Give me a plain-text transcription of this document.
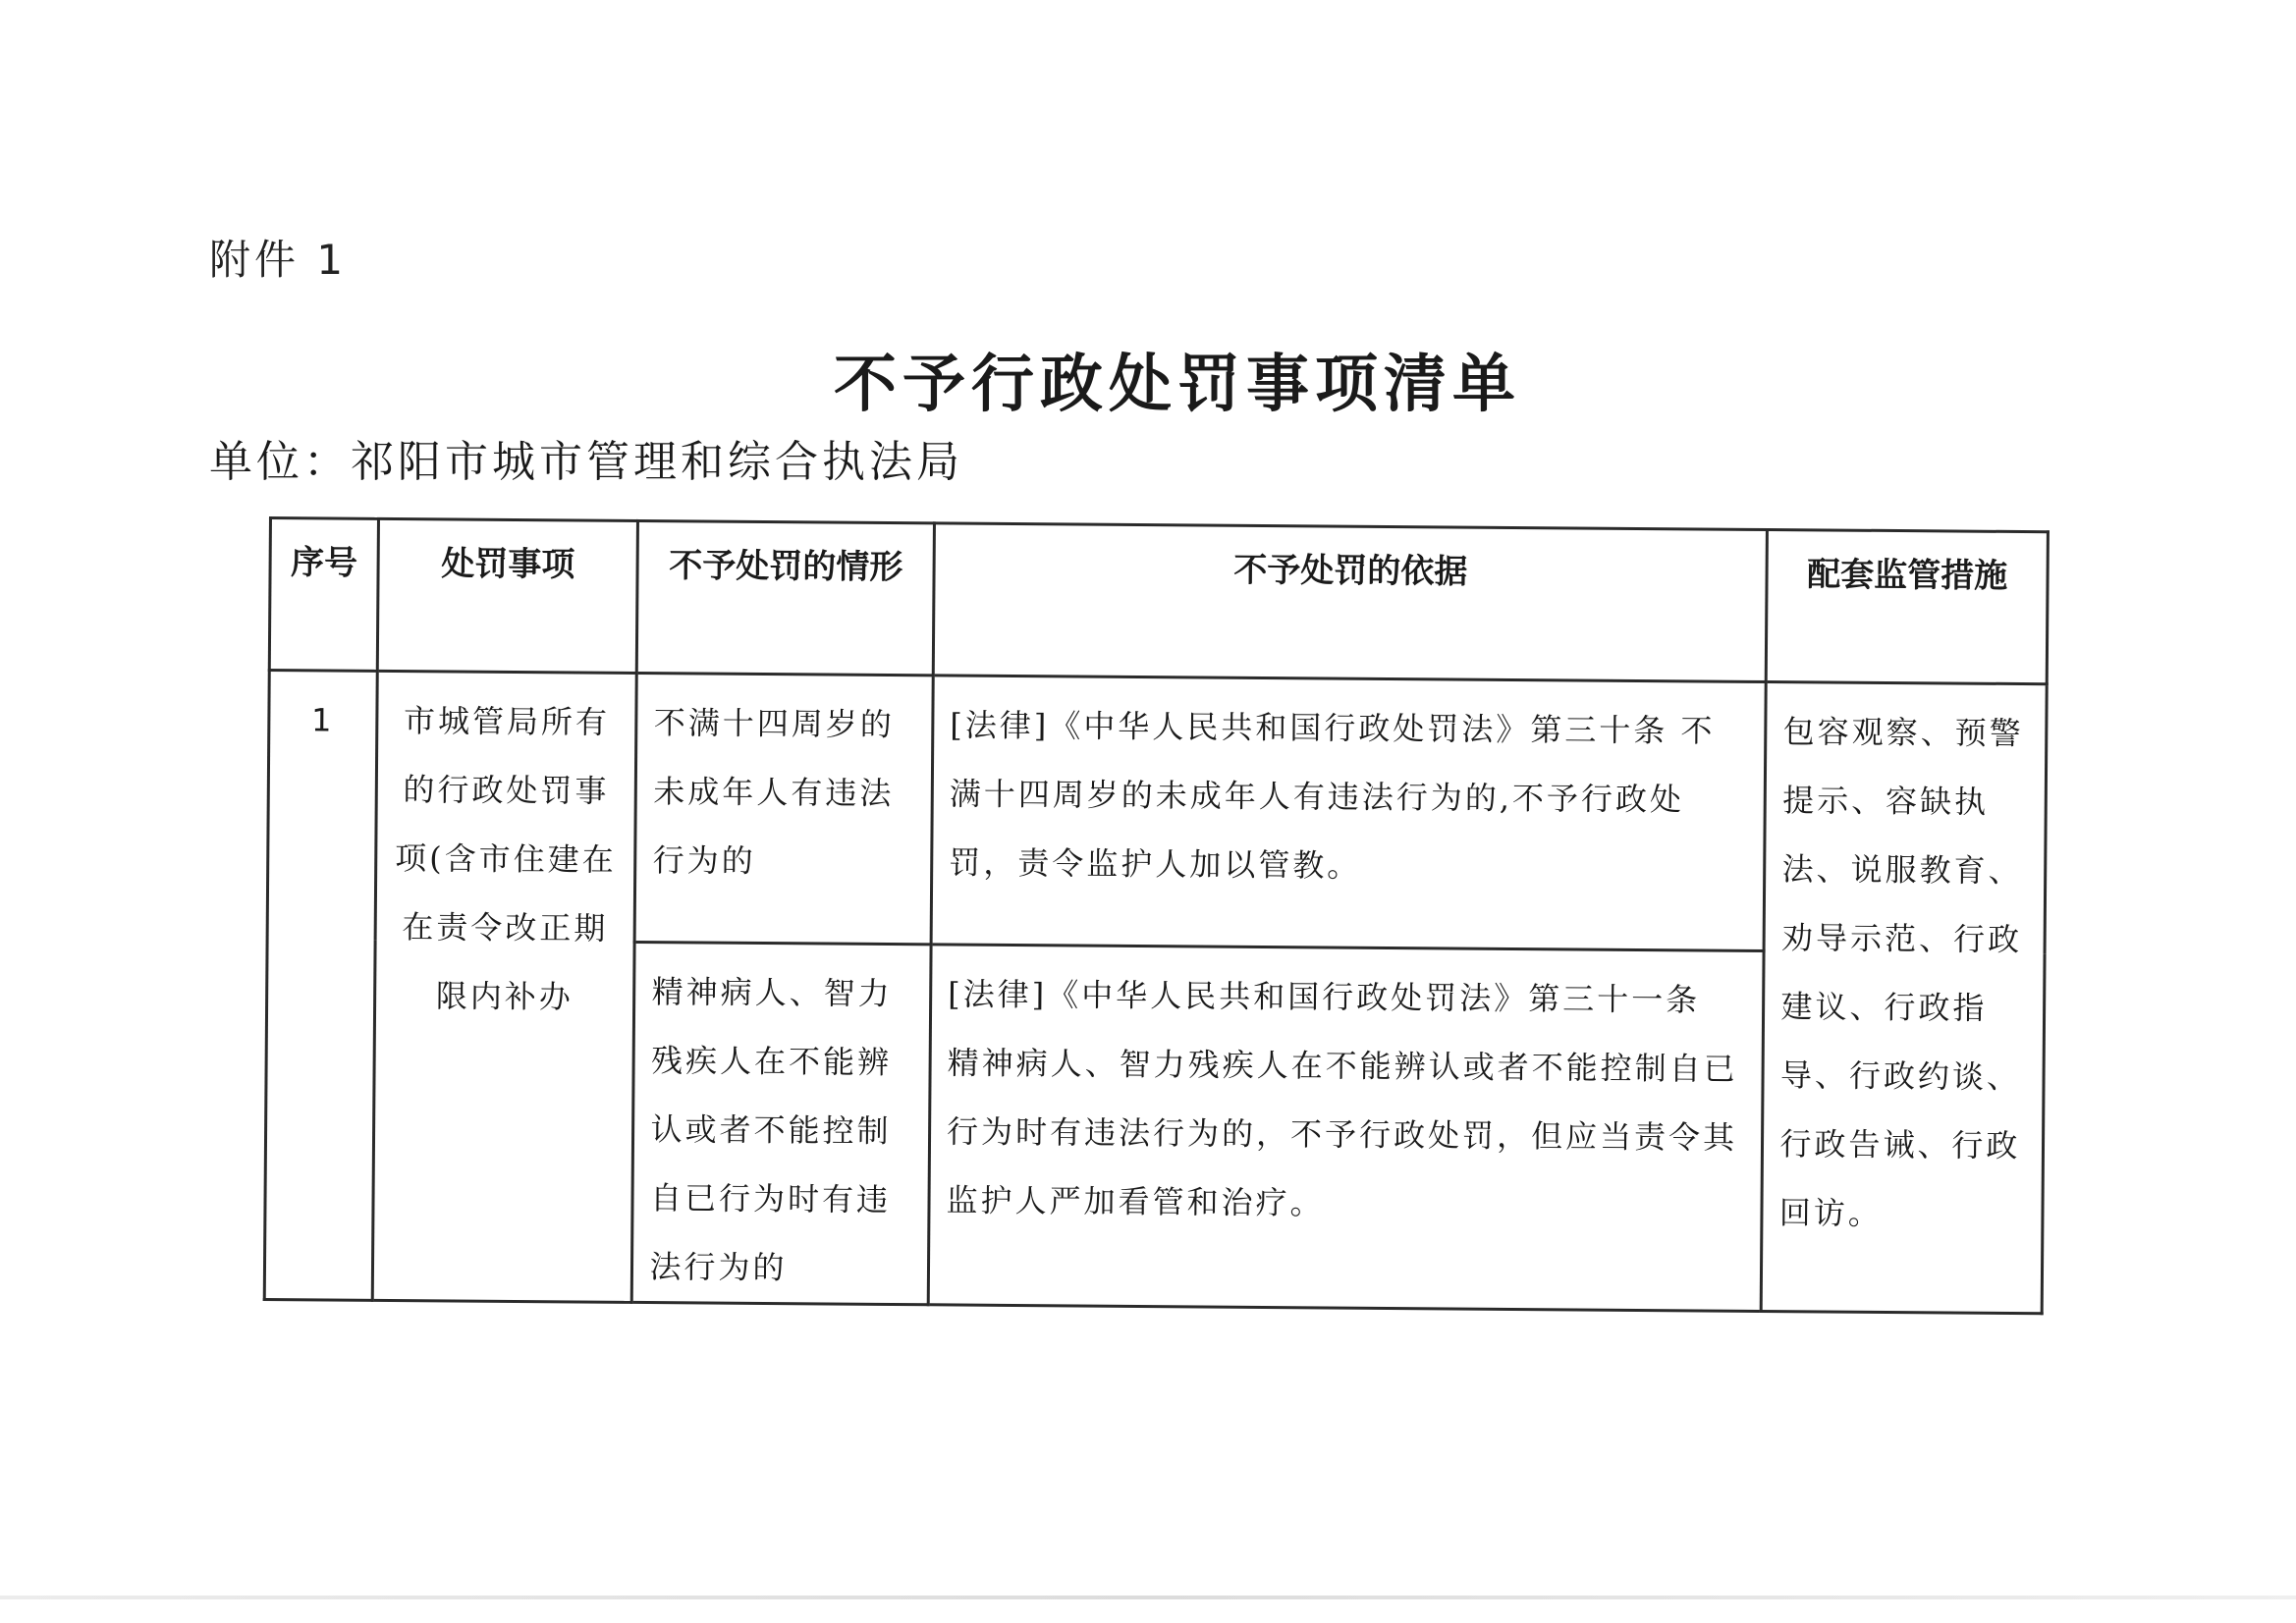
附件 1
不予行政处罚事项清单
单位：祁阳市城市管理和综合执法局
序号	处罚事项	不予处罚的情形	不予处罚的依据	配套监管措施
1	市城管局所有的行政处罚事项(含市住建在在责令改正期限内补办	不满十四周岁的未成年人有违法行为的	[法律]《中华人民共和国行政处罚法》第三十条 不满十四周岁的未成年人有违法行为的,不予行政处罚，责令监护人加以管教。	包容观察、预警提示、容缺执法、说服教育、劝导示范、行政建议、行政指导、行政约谈、行政告诫、行政回访。
		精神病人、智力残疾人在不能辨认或者不能控制自已行为时有违法行为的	[法律]《中华人民共和国行政处罚法》第三十一条 精神病人、智力残疾人在不能辨认或者不能控制自已行为时有违法行为的，不予行政处罚，但应当责令其监护人严加看管和治疗。	
